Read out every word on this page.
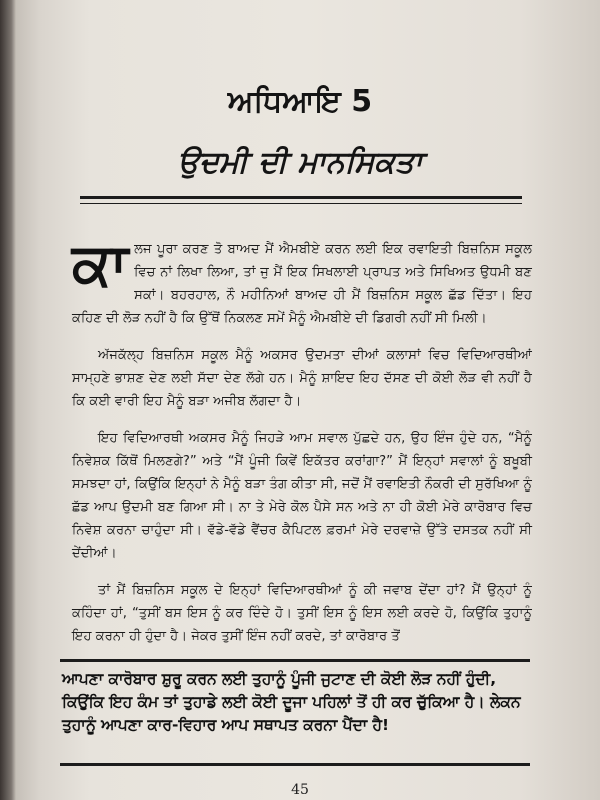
ਅਧਿਆਇ 5
ਉਦਮੀ ਦੀ ਮਾਨਸਿਕਤਾ

ਕਾਲਜ ਪੂਰਾ ਕਰਣ ਤੋ ਬਾਅਦ ਮੈਂ ਐਮਬੀਏ ਕਰਨ ਲਈ ਇਕ ਰਵਾਇਤੀ ਬਿਜ਼ਨਿਸ ਸਕੂਲ ਵਿਚ ਨਾਂ ਲਿਖਾ ਲਿਆ, ਤਾਂ ਜੁ ਮੈਂ ਇਕ ਸਿਖਲਾਈ ਪ੍ਰਾਪਤ ਅਤੇ ਸਿਖਿਅਤ ਉਧਮੀ ਬਣ ਸਕਾਂ। ਬਹਰਹਾਲ, ਨੌ ਮਹੀਨਿਆਂ ਬਾਅਦ ਹੀ ਮੈਂ ਬਿਜ਼ਨਿਸ ਸਕੂਲ ਛੱਡ ਦਿੱਤਾ। ਇਹ ਕਹਿਣ ਦੀ ਲੋੜ ਨਹੀਂ ਹੈ ਕਿ ਉੱਥੋਂ ਨਿਕਲਣ ਸਮੇਂ ਮੈਨੂੰ ਐਮਬੀਏ ਦੀ ਡਿਗਰੀ ਨਹੀਂ ਸੀ ਮਿਲੀ।

ਅੱਜਕੱਲ੍ਹ ਬਿਜ਼ਨਿਸ ਸਕੂਲ ਮੈਨੂੰ ਅਕਸਰ ਉਦਮਤਾ ਦੀਆਂ ਕਲਾਸਾਂ ਵਿਚ ਵਿਦਿਆਰਥੀਆਂ ਸਾਮ੍ਹਣੇ ਭਾਸ਼ਣ ਦੇਣ ਲਈ ਸੱਦਾ ਦੇਣ ਲੱਗੇ ਹਨ। ਮੈਨੂੰ ਸ਼ਾਇਦ ਇਹ ਦੱਸਣ ਦੀ ਕੋਈ ਲੋੜ ਵੀ ਨਹੀਂ ਹੈ ਕਿ ਕਈ ਵਾਰੀ ਇਹ ਮੈਨੂੰ ਬੜਾ ਅਜੀਬ ਲੱਗਦਾ ਹੈ।

ਇਹ ਵਿਦਿਆਰਥੀ ਅਕਸਰ ਮੈਨੂੰ ਜਿਹੜੇ ਆਮ ਸਵਾਲ ਪੁੱਛਦੇ ਹਨ, ਉਹ ਇੰਜ ਹੁੰਦੇ ਹਨ, “ਮੈਨੂੰ ਨਿਵੇਸ਼ਕ ਕਿੱਥੋਂ ਮਿਲਣਗੇ?” ਅਤੇ “ਮੈਂ ਪੂੰਜੀ ਕਿਵੇਂ ਇਕੱਤਰ ਕਰਾਂਗਾ?” ਮੈਂ ਇਨ੍ਹਾਂ ਸਵਾਲਾਂ ਨੂੰ ਬਖੂਬੀ ਸਮਝਦਾ ਹਾਂ, ਕਿਉਂਕਿ ਇਨ੍ਹਾਂ ਨੇ ਮੈਨੂੰ ਬੜਾ ਤੰਗ ਕੀਤਾ ਸੀ, ਜਦੋਂ ਮੈਂ ਰਵਾਇਤੀ ਨੌਕਰੀ ਦੀ ਸੁਰੱਖਿਆ ਨੂੰ ਛੱਡ ਆਪ ਉਦਮੀ ਬਣ ਗਿਆ ਸੀ। ਨਾ ਤੇ ਮੇਰੇ ਕੋਲ ਪੈਸੇ ਸਨ ਅਤੇ ਨਾ ਹੀ ਕੋਈ ਮੇਰੇ ਕਾਰੋਬਾਰ ਵਿਚ ਨਿਵੇਸ਼ ਕਰਨਾ ਚਾਹੁੰਦਾ ਸੀ। ਵੱਡੇ-ਵੱਡੇ ਵੈਂਚਰ ਕੈਪਿਟਲ ਫ਼ਰਮਾਂ ਮੇਰੇ ਦਰਵਾਜ਼ੇ ਉੱਤੇ ਦਸਤਕ ਨਹੀਂ ਸੀ ਦੇਂਦੀਆਂ।

ਤਾਂ ਮੈਂ ਬਿਜ਼ਨਿਸ ਸਕੂਲ ਦੇ ਇਨ੍ਹਾਂ ਵਿਦਿਆਰਥੀਆਂ ਨੂੰ ਕੀ ਜਵਾਬ ਦੇਂਦਾ ਹਾਂ? ਮੈਂ ਉਨ੍ਹਾਂ ਨੂੰ ਕਹਿੰਦਾ ਹਾਂ, “ਤੁਸੀਂ ਬਸ ਇਸ ਨੂੰ ਕਰ ਦਿੰਦੇ ਹੋ। ਤੁਸੀਂ ਇਸ ਨੂੰ ਇਸ ਲਈ ਕਰਦੇ ਹੋ, ਕਿਉਂਕਿ ਤੁਹਾਨੂੰ ਇਹ ਕਰਨਾ ਹੀ ਹੁੰਦਾ ਹੈ। ਜੇਕਰ ਤੁਸੀਂ ਇੰਜ ਨਹੀਂ ਕਰਦੇ, ਤਾਂ ਕਾਰੋਬਾਰ ਤੋਂ

ਆਪਣਾ ਕਾਰੋਬਾਰ ਸ਼ੁਰੂ ਕਰਨ ਲਈ ਤੁਹਾਨੂੰ ਪੂੰਜੀ ਜੁਟਾਣ ਦੀ ਕੋਈ ਲੋੜ ਨਹੀਂ ਹੁੰਦੀ, ਕਿਉਂਕਿ ਇਹ ਕੰਮ ਤਾਂ ਤੁਹਾਡੇ ਲਈ ਕੋਈ ਦੂਜਾ ਪਹਿਲਾਂ ਤੋਂ ਹੀ ਕਰ ਚੁੱਕਿਆ ਹੈ। ਲੇਕਨ ਤੁਹਾਨੂੰ ਆਪਣਾ ਕਾਰ-ਵਿਹਾਰ ਆਪ ਸਥਾਪਤ ਕਰਨਾ ਪੈਂਦਾ ਹੈ!
45
